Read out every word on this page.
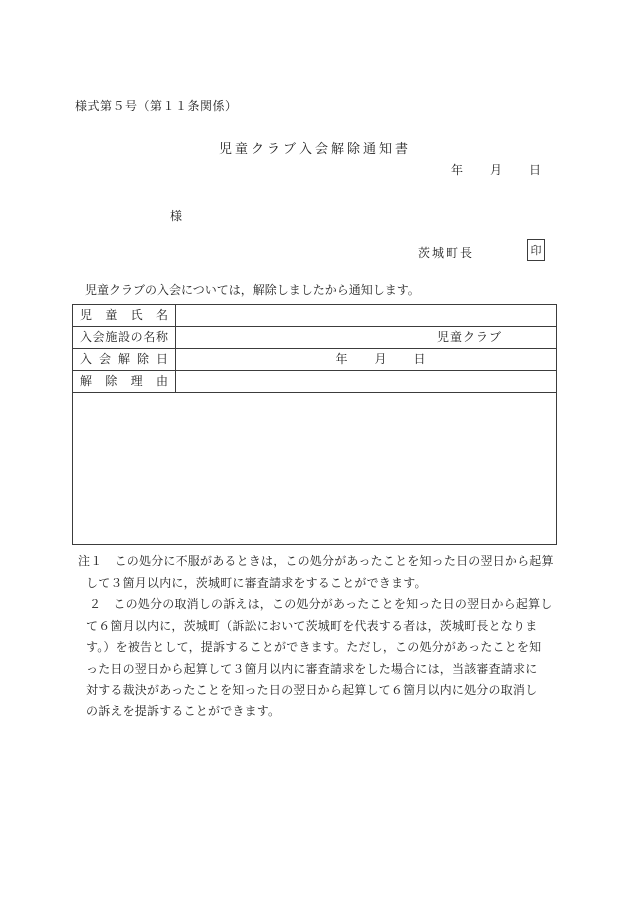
様式第５号（第１１条関係）
児童クラブ入会解除通知書
年　　月　　日
様
茨城町長	印
児童クラブの入会については，解除しましたから通知します。
児童氏名
入会施設の名称	児童クラブ
入会解除日	年　　月　　日
解除理由
注１　この処分に不服があるときは，この処分があったことを知った日の翌日から起算
して３箇月以内に，茨城町に審査請求をすることができます。
２　この処分の取消しの訴えは，この処分があったことを知った日の翌日から起算し
て６箇月以内に，茨城町（訴訟において茨城町を代表する者は，茨城町長となりま
す。）を被告として，提訴することができます。ただし，この処分があったことを知
った日の翌日から起算して３箇月以内に審査請求をした場合には，当該審査請求に
対する裁決があったことを知った日の翌日から起算して６箇月以内に処分の取消し
の訴えを提訴することができます。
